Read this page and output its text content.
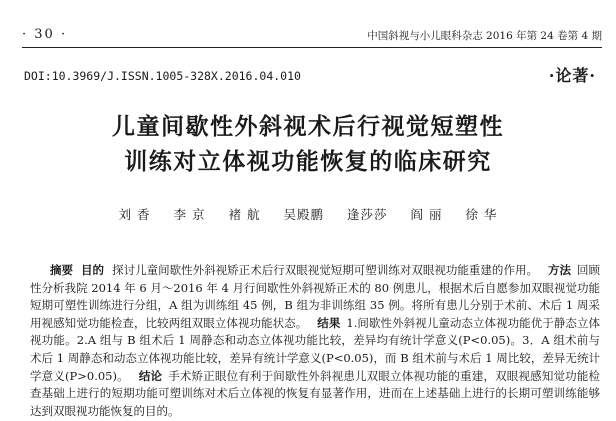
· 30 ·	中国斜视与小儿眼科杂志 2016 年第 24 卷第 4 期
DOI:10.3969/J.ISSN.1005-328X.2016.04.010	·论著·
儿童间歇性外斜视术后行视觉短塑性
训练对立体视功能恢复的临床研究
刘 香 李 京 褚 航 吴殿鹏 逢莎莎 阎 丽 徐 华
摘要 目的 探讨儿童间歇性外斜视矫正术后行双眼视觉短期可塑训练对双眼视功能重建的作用。 方法 回顾性分析我院 2014 年 6 月～2016 年 4 月行间歇性外斜视矫正术的 80 例患儿，根据术后自愿参加双眼视觉功能短期可塑性训练进行分组，A 组为训练组 45 例，B 组为非训练组 35 例。将所有患儿分别于术前、术后 1 周采用视感知觉功能检查，比较两组双眼立体视功能状态。 结果 1.间歇性外斜视儿童动态立体视功能优于静态立体视功能。2.A 组与 B 组术后 1 周静态和动态立体视功能比较，差异均有统计学意义(P<0.05)。3．A 组术前与术后 1 周静态和动态立体视功能比较，差异有统计学意义(P<0.05)，而 B 组术前与术后 1 周比较，差异无统计学意义(P>0.05)。 结论 手术矫正眼位有利于间歇性外斜视患儿双眼立体视功能的重建，双眼视感知觉功能检查基础上进行的短期功能可塑训练对术后立体视的恢复有显著作用，进而在上述基础上进行的长期可塑训练能够达到双眼视功能恢复的目的。
